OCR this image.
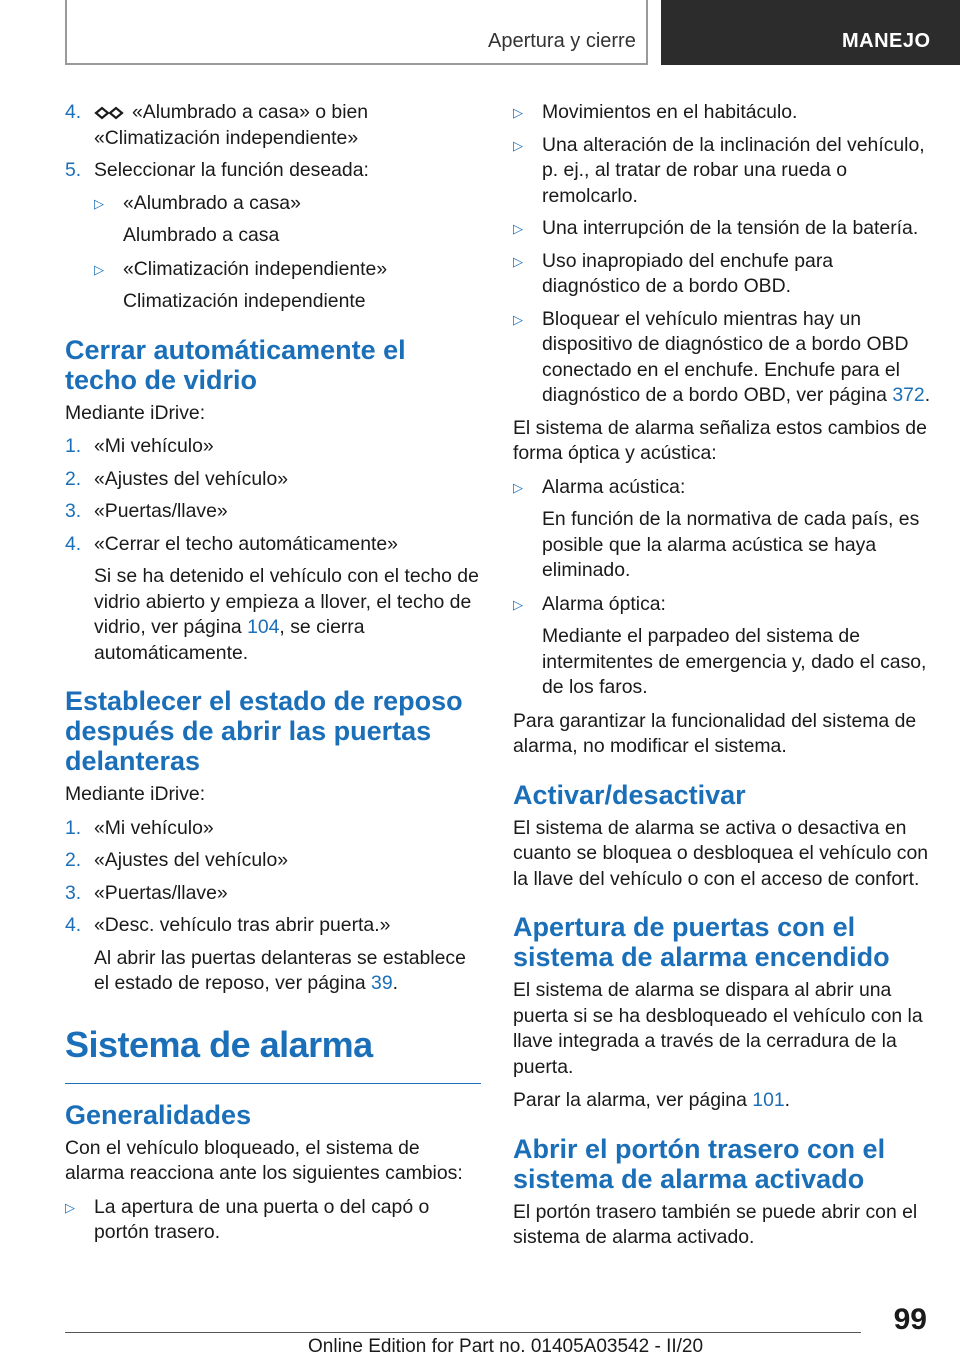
Apertura y cierre	MANEJO

4.	«Alumbrado a casa» o bien «Climatización independiente»

5. Seleccionar la función deseada:

▷ «Alumbrado a casa»

Alumbrado a casa

▷ «Climatización independiente»

Climatización independiente

Cerrar automáticamente el techo de vidrio

Mediante iDrive:

1. «Mi vehículo»

2. «Ajustes del vehículo»

3. «Puertas/llave»

4. «Cerrar el techo automáticamente»

Si se ha detenido el vehículo con el techo de vidrio abierto y empieza a llover, el techo de vidrio, ver página 104, se cierra automáticamente.

Establecer el estado de reposo después de abrir las puertas delanteras

Mediante iDrive:

1. «Mi vehículo»

2. «Ajustes del vehículo»

3. «Puertas/llave»

4. «Desc. vehículo tras abrir puerta.»

Al abrir las puertas delanteras se establece el estado de reposo, ver página 39.

Sistema de alarma
Generalidades

Con el vehículo bloqueado, el sistema de alarma reacciona ante los siguientes cambios:

▷ La apertura de una puerta o del capó o portón trasero.

▷ Movimientos en el habitáculo.

▷ Una alteración de la inclinación del vehículo, p. ej., al tratar de robar una rueda o remolcarlo.

▷ Una interrupción de la tensión de la batería.

▷ Uso inapropiado del enchufe para diagnóstico de a bordo OBD.

▷ Bloquear el vehículo mientras hay un dispositivo de diagnóstico de a bordo OBD conectado en el enchufe. Enchufe para el diagnóstico de a bordo OBD, ver página 372.

El sistema de alarma señaliza estos cambios de forma óptica y acústica:

▷ Alarma acústica:

En función de la normativa de cada país, es posible que la alarma acústica se haya eliminado.

▷ Alarma óptica:

Mediante el parpadeo del sistema de intermitentes de emergencia y, dado el caso, de los faros.

Para garantizar la funcionalidad del sistema de alarma, no modificar el sistema.

Activar/desactivar

El sistema de alarma se activa o desactiva en cuanto se bloquea o desbloquea el vehículo con la llave del vehículo o con el acceso de confort.

Apertura de puertas con el sistema de alarma encendido

El sistema de alarma se dispara al abrir una puerta si se ha desbloqueado el vehículo con la llave integrada a través de la cerradura de la puerta.

Parar la alarma, ver página 101.

Abrir el portón trasero con el sistema de alarma activado

El portón trasero también se puede abrir con el sistema de alarma activado.

99
Online Edition for Part no. 01405A03542 - II/20
